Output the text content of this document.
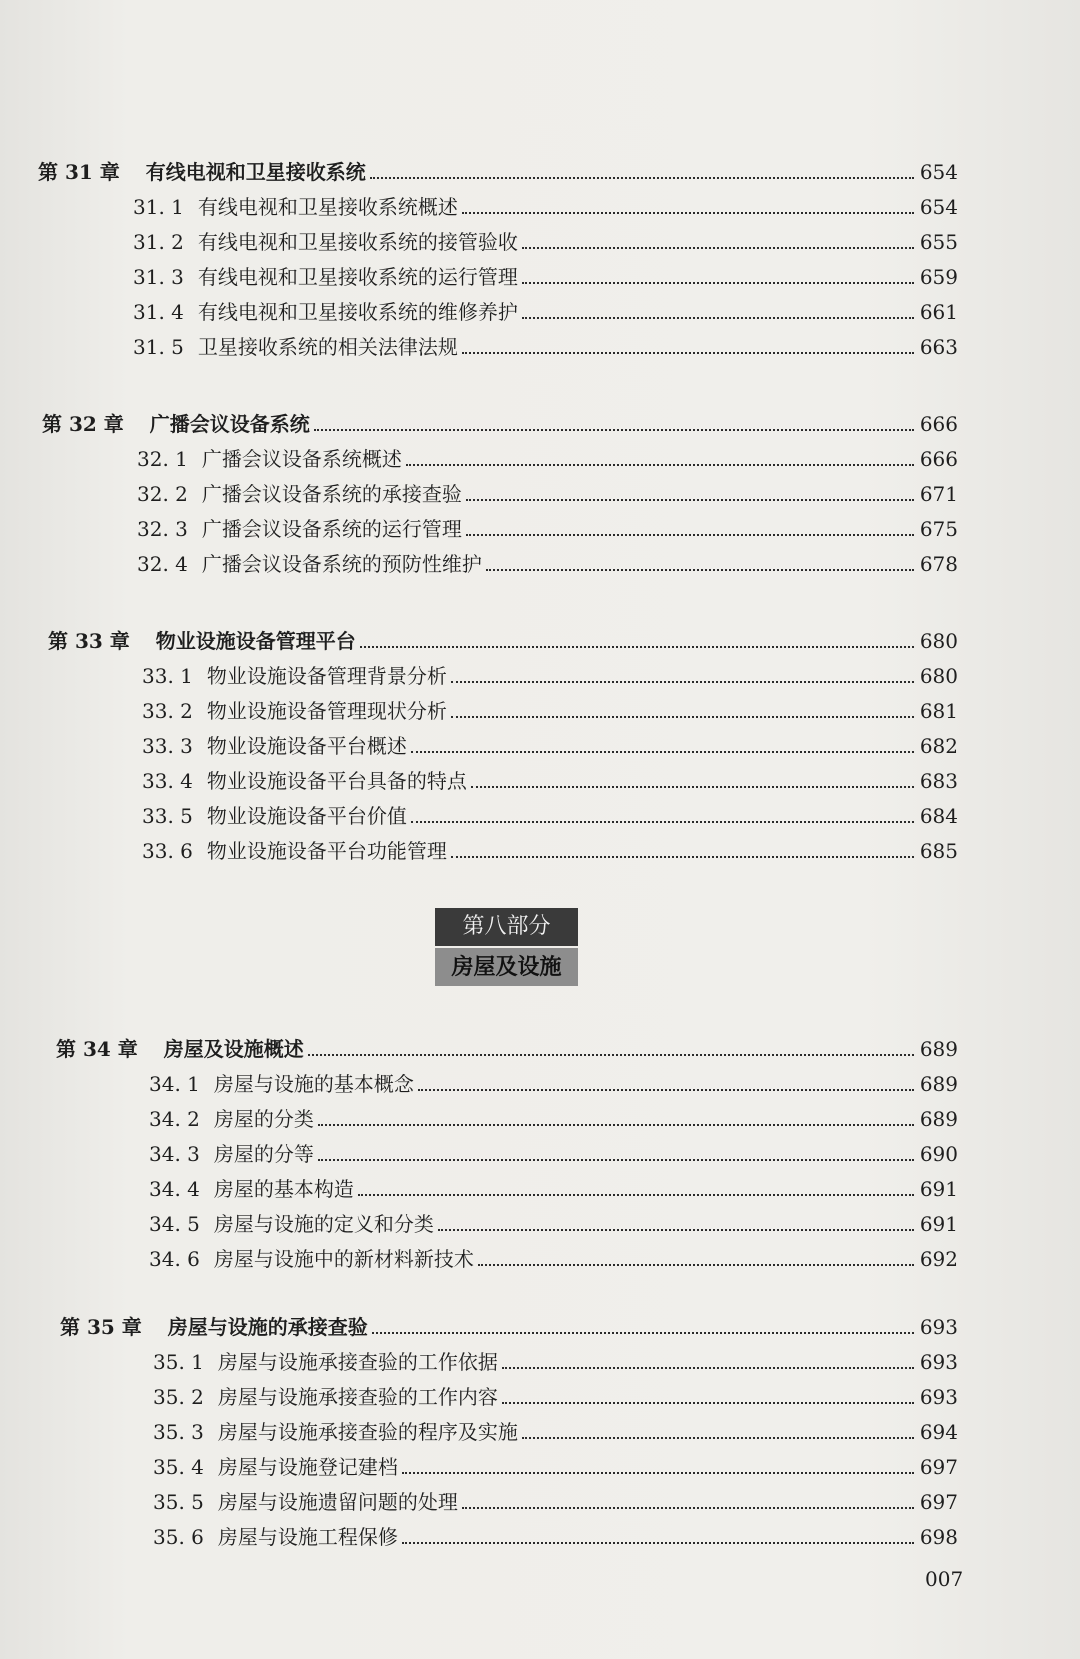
第 31 章 有线电视和卫星接收系统	654
31. 1 有线电视和卫星接收系统概述	654
31. 2 有线电视和卫星接收系统的接管验收	655
31. 3 有线电视和卫星接收系统的运行管理	659
31. 4 有线电视和卫星接收系统的维修养护	661
31. 5 卫星接收系统的相关法律法规	663
第 32 章 广播会议设备系统	666
32. 1 广播会议设备系统概述	666
32. 2 广播会议设备系统的承接查验	671
32. 3 广播会议设备系统的运行管理	675
32. 4 广播会议设备系统的预防性维护	678
第 33 章 物业设施设备管理平台	680
33. 1 物业设施设备管理背景分析	680
33. 2 物业设施设备管理现状分析	681
33. 3 物业设施设备平台概述	682
33. 4 物业设施设备平台具备的特点	683
33. 5 物业设施设备平台价值	684
33. 6 物业设施设备平台功能管理	685
第八部分
房屋及设施
第 34 章 房屋及设施概述	689
34. 1 房屋与设施的基本概念	689
34. 2 房屋的分类	689
34. 3 房屋的分等	690
34. 4 房屋的基本构造	691
34. 5 房屋与设施的定义和分类	691
34. 6 房屋与设施中的新材料新技术	692
第 35 章 房屋与设施的承接查验	693
35. 1 房屋与设施承接查验的工作依据	693
35. 2 房屋与设施承接查验的工作内容	693
35. 3 房屋与设施承接查验的程序及实施	694
35. 4 房屋与设施登记建档	697
35. 5 房屋与设施遗留问题的处理	697
35. 6 房屋与设施工程保修	698
007
